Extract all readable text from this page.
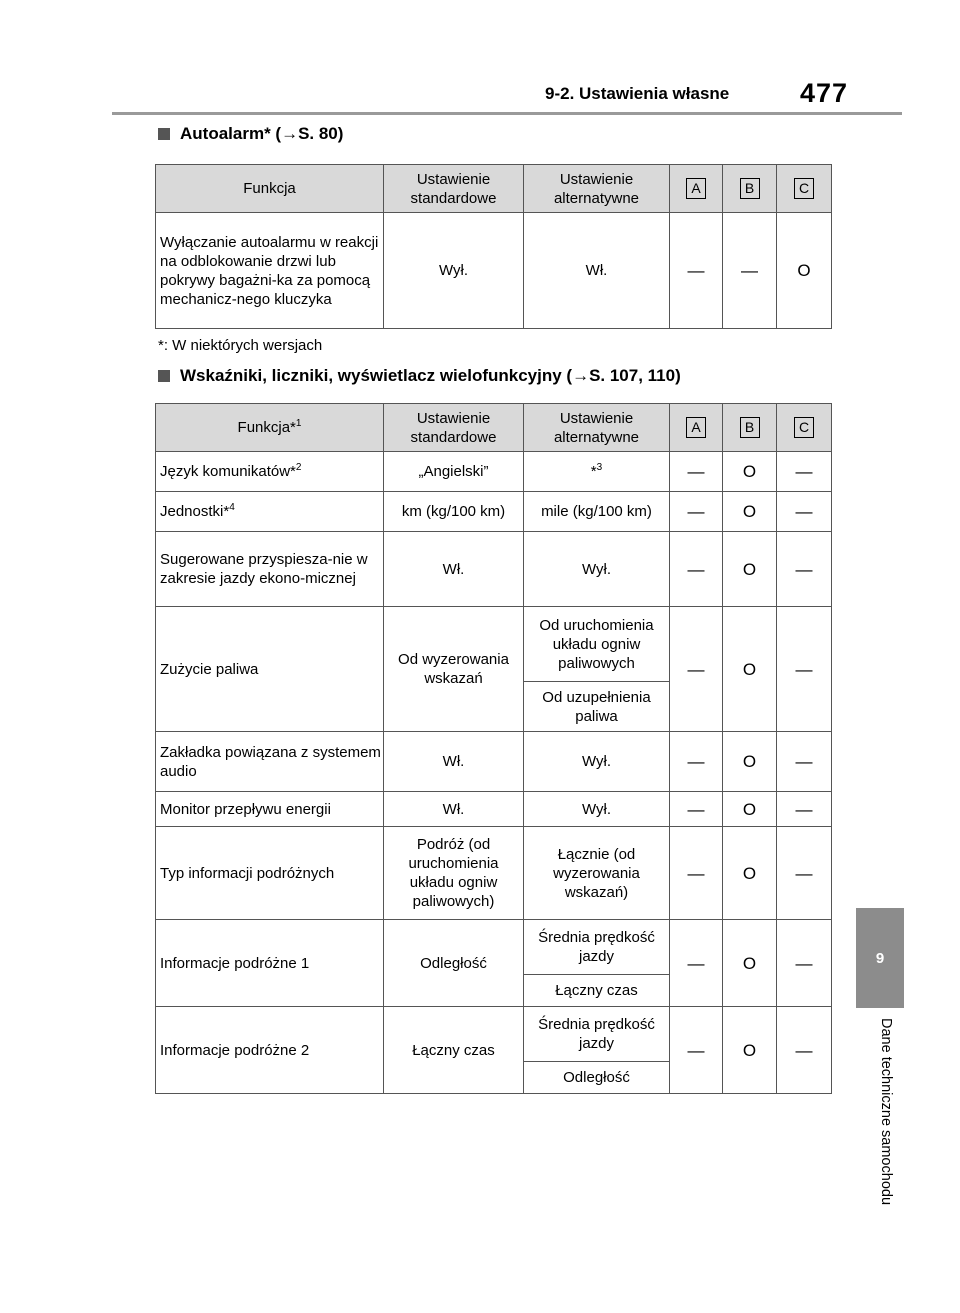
9-2. Ustawienia własne	477
9
Dane techniczne samochodu
Autoalarm* (→S. 80)
Funkcja	Ustawienie standardowe	Ustawienie alternatywne	A	B	C
Wyłączanie autoalarmu w reakcji na odblokowanie drzwi lub pokrywy bagażni-ka za pomocą mechanicz-nego kluczyka	Wył.	Wł.	—	—	O
*: W niektórych wersjach
Wskaźniki, liczniki, wyświetlacz wielofunkcyjny (→S. 107, 110)
Funkcja*$^1$	Ustawienie standardowe	Ustawienie alternatywne	A	B	C
Język komunikatów*$^2$	„Angielski”	*$^3$	—	O	—
Jednostki*$^4$	km (kg/100 km)	mile (kg/100 km)	—	O	—
Sugerowane przyspiesza-nie w zakresie jazdy ekono-micznej	Wł.	Wył.	—	O	—
Zużycie paliwa	Od wyzerowania wskazań	Od uruchomienia układu ogniw paliwowych	—	O	—
		Od uzupełnienia paliwa			
Zakładka powiązana z systemem audio	Wł.	Wył.	—	O	—
Monitor przepływu energii	Wł.	Wył.	—	O	—
Typ informacji podróżnych	Podróż (od uruchomienia układu ogniw paliwowych)	Łącznie (od wyzerowania wskazań)	—	O	—
Informacje podróżne 1	Odległość	Średnia prędkość jazdy	—	O	—
		Łączny czas			
Informacje podróżne 2	Łączny czas	Średnia prędkość jazdy	—	O	—
		Odległość			
